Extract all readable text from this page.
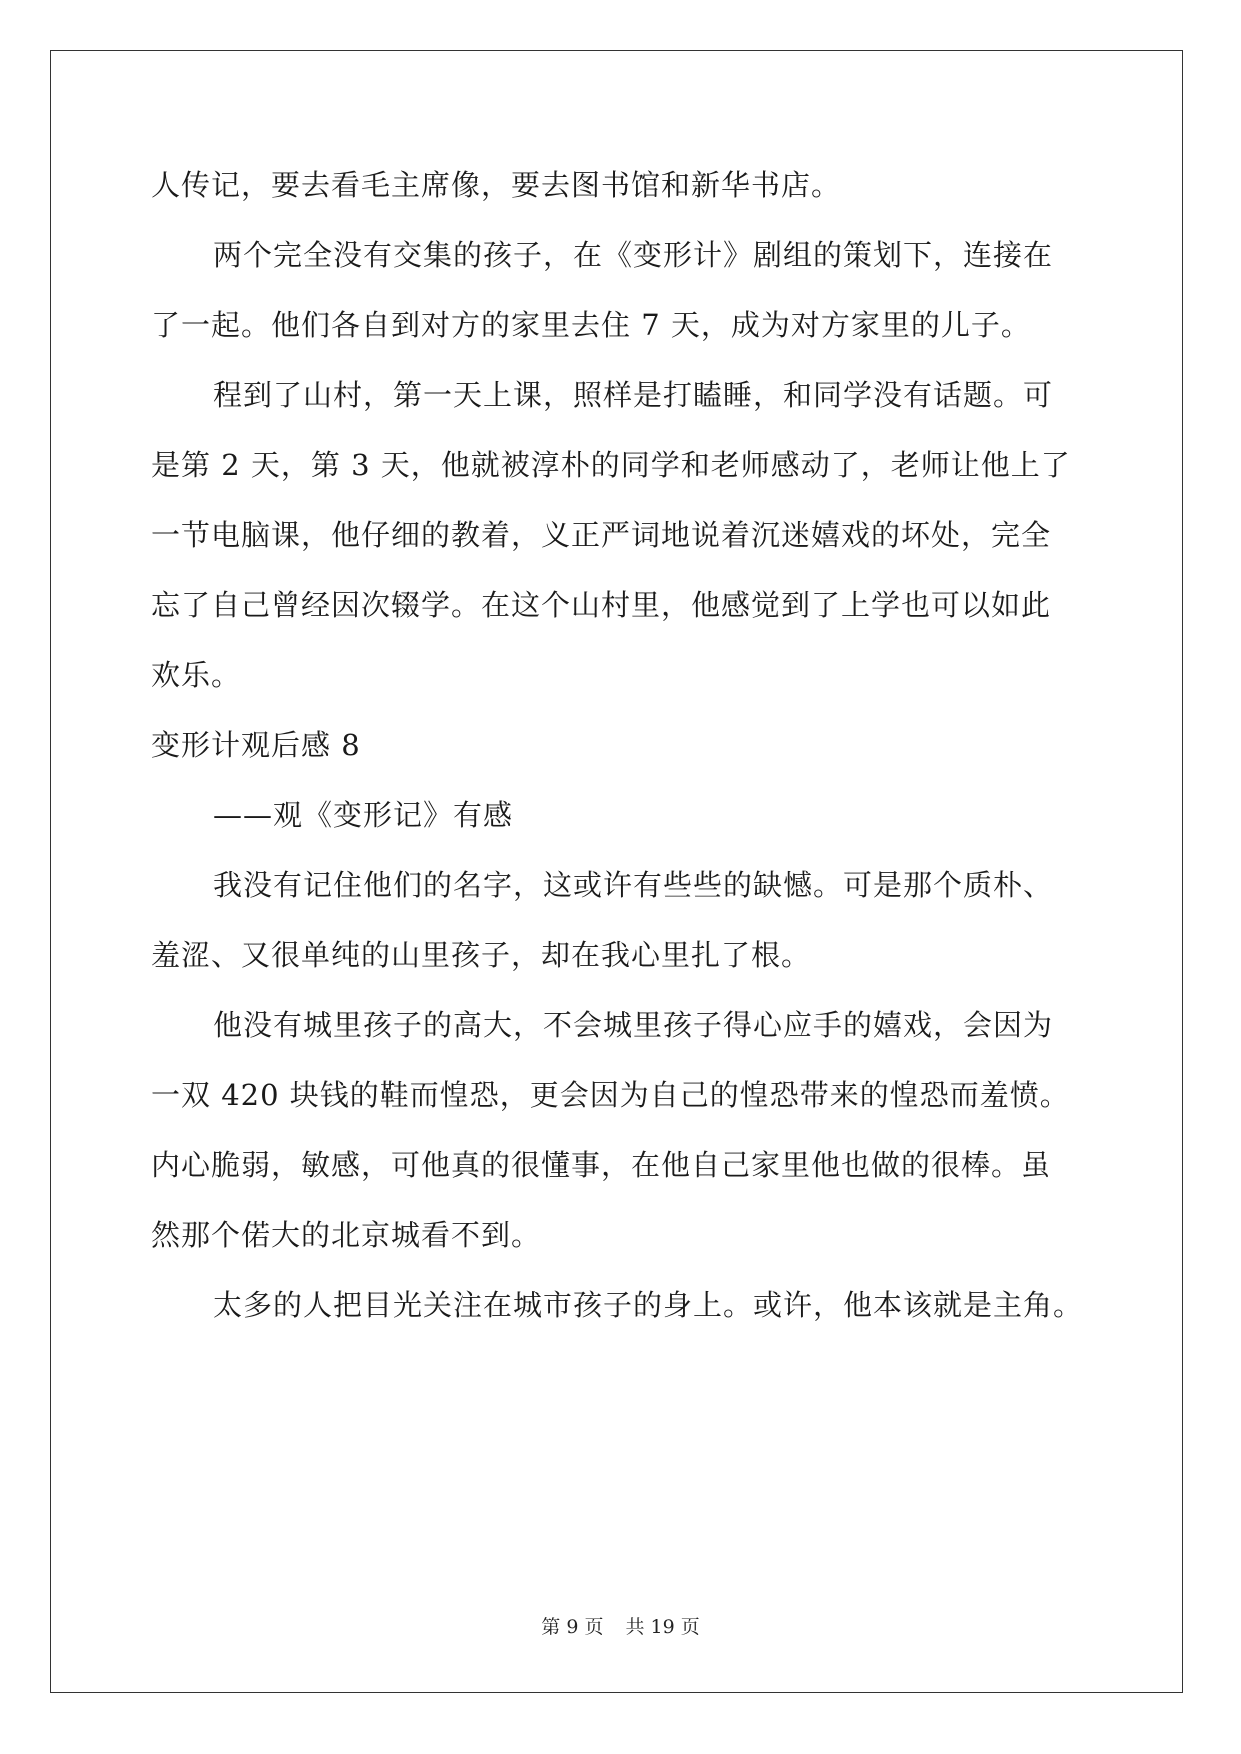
人传记，要去看毛主席像，要去图书馆和新华书店。
两个完全没有交集的孩子，在《变形计》剧组的策划下，连接在
了一起。他们各自到对方的家里去住 7 天，成为对方家里的儿子。
程到了山村，第一天上课，照样是打瞌睡，和同学没有话题。可
是第 2 天，第 3 天，他就被淳朴的同学和老师感动了，老师让他上了
一节电脑课，他仔细的教着，义正严词地说着沉迷嬉戏的坏处，完全
忘了自己曾经因次辍学。在这个山村里，他感觉到了上学也可以如此
欢乐。
变形计观后感 8
——观《变形记》有感
我没有记住他们的名字，这或许有些些的缺憾。可是那个质朴、
羞涩、又很单纯的山里孩子，却在我心里扎了根。
他没有城里孩子的高大，不会城里孩子得心应手的嬉戏，会因为
一双 420 块钱的鞋而惶恐，更会因为自己的惶恐带来的惶恐而羞愤。
内心脆弱，敏感，可他真的很懂事，在他自己家里他也做的很棒。虽
然那个偌大的北京城看不到。
太多的人把目光关注在城市孩子的身上。或许，他本该就是主角。
第 9 页 共 19 页
